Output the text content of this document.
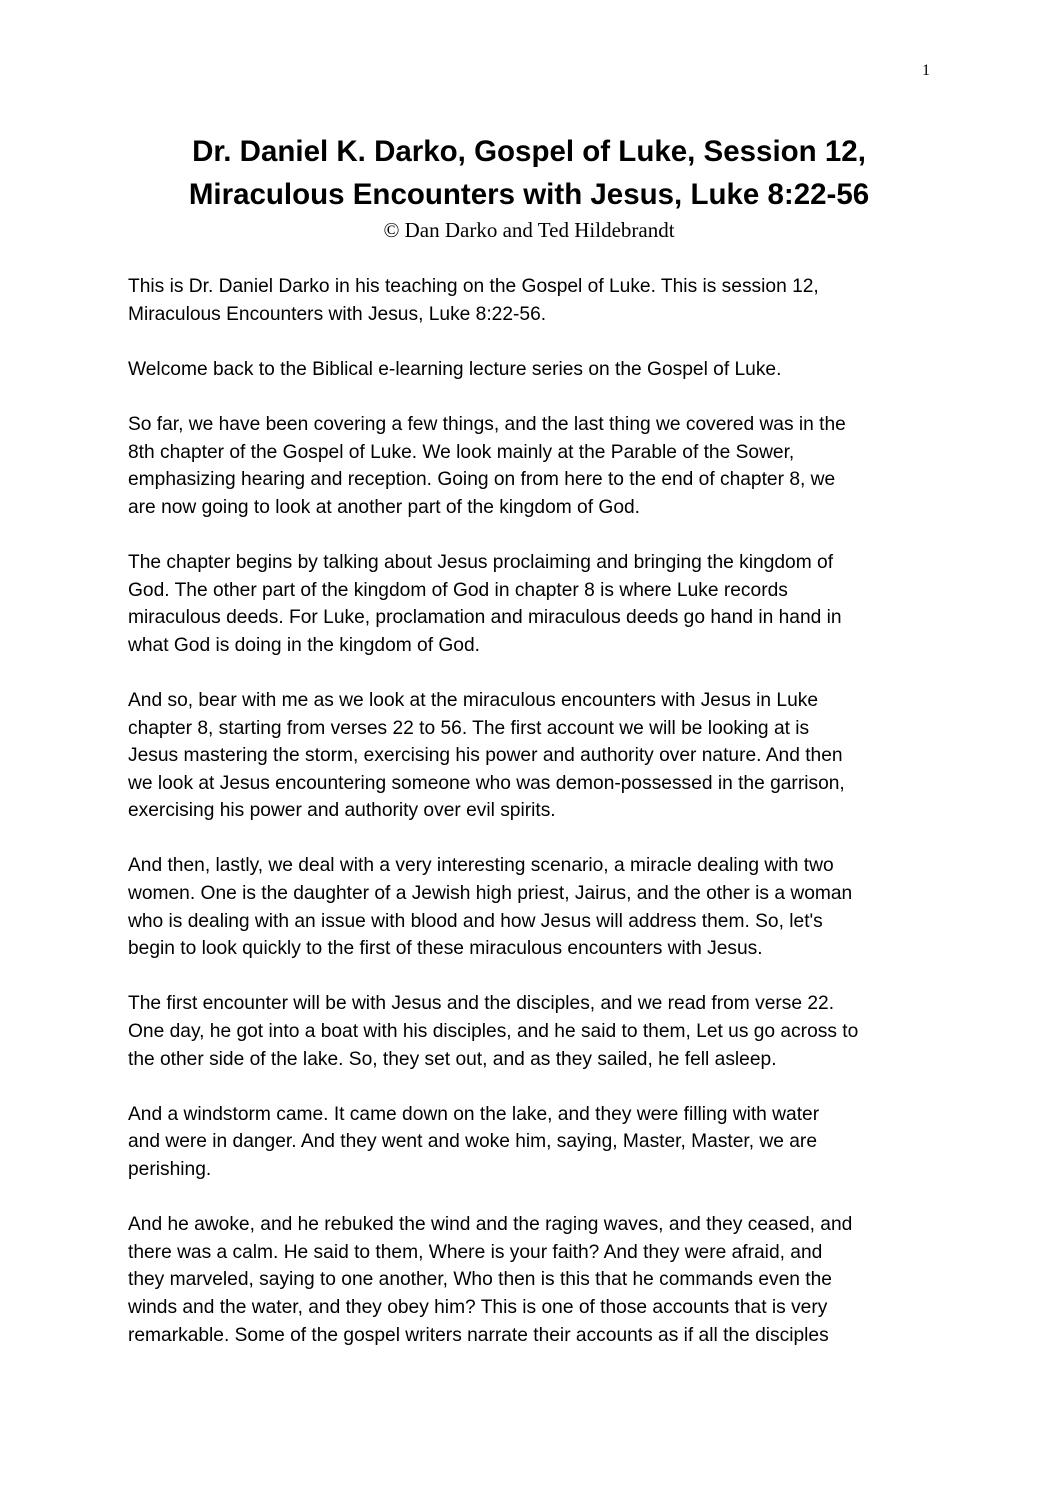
1

Dr. Daniel K. Darko, Gospel of Luke, Session 12,

Miraculous Encounters with Jesus, Luke 8:22-56

© Dan Darko and Ted Hildebrandt

This is Dr. Daniel Darko in his teaching on the Gospel of Luke. This is session 12,
Miraculous Encounters with Jesus, Luke 8:22-56.

Welcome back to the Biblical e-learning lecture series on the Gospel of Luke.

So far, we have been covering a few things, and the last thing we covered was in the
8th chapter of the Gospel of Luke. We look mainly at the Parable of the Sower,
emphasizing hearing and reception. Going on from here to the end of chapter 8, we
are now going to look at another part of the kingdom of God.

The chapter begins by talking about Jesus proclaiming and bringing the kingdom of
God. The other part of the kingdom of God in chapter 8 is where Luke records
miraculous deeds. For Luke, proclamation and miraculous deeds go hand in hand in
what God is doing in the kingdom of God.

And so, bear with me as we look at the miraculous encounters with Jesus in Luke
chapter 8, starting from verses 22 to 56. The first account we will be looking at is
Jesus mastering the storm, exercising his power and authority over nature. And then
we look at Jesus encountering someone who was demon-possessed in the garrison,
exercising his power and authority over evil spirits.

And then, lastly, we deal with a very interesting scenario, a miracle dealing with two
women. One is the daughter of a Jewish high priest, Jairus, and the other is a woman
who is dealing with an issue with blood and how Jesus will address them. So, let's
begin to look quickly to the first of these miraculous encounters with Jesus.

The first encounter will be with Jesus and the disciples, and we read from verse 22.
One day, he got into a boat with his disciples, and he said to them, Let us go across to
the other side of the lake. So, they set out, and as they sailed, he fell asleep.

And a windstorm came. It came down on the lake, and they were filling with water
and were in danger. And they went and woke him, saying, Master, Master, we are
perishing.

And he awoke, and he rebuked the wind and the raging waves, and they ceased, and
there was a calm. He said to them, Where is your faith? And they were afraid, and
they marveled, saying to one another, Who then is this that he commands even the
winds and the water, and they obey him? This is one of those accounts that is very
remarkable. Some of the gospel writers narrate their accounts as if all the disciples
